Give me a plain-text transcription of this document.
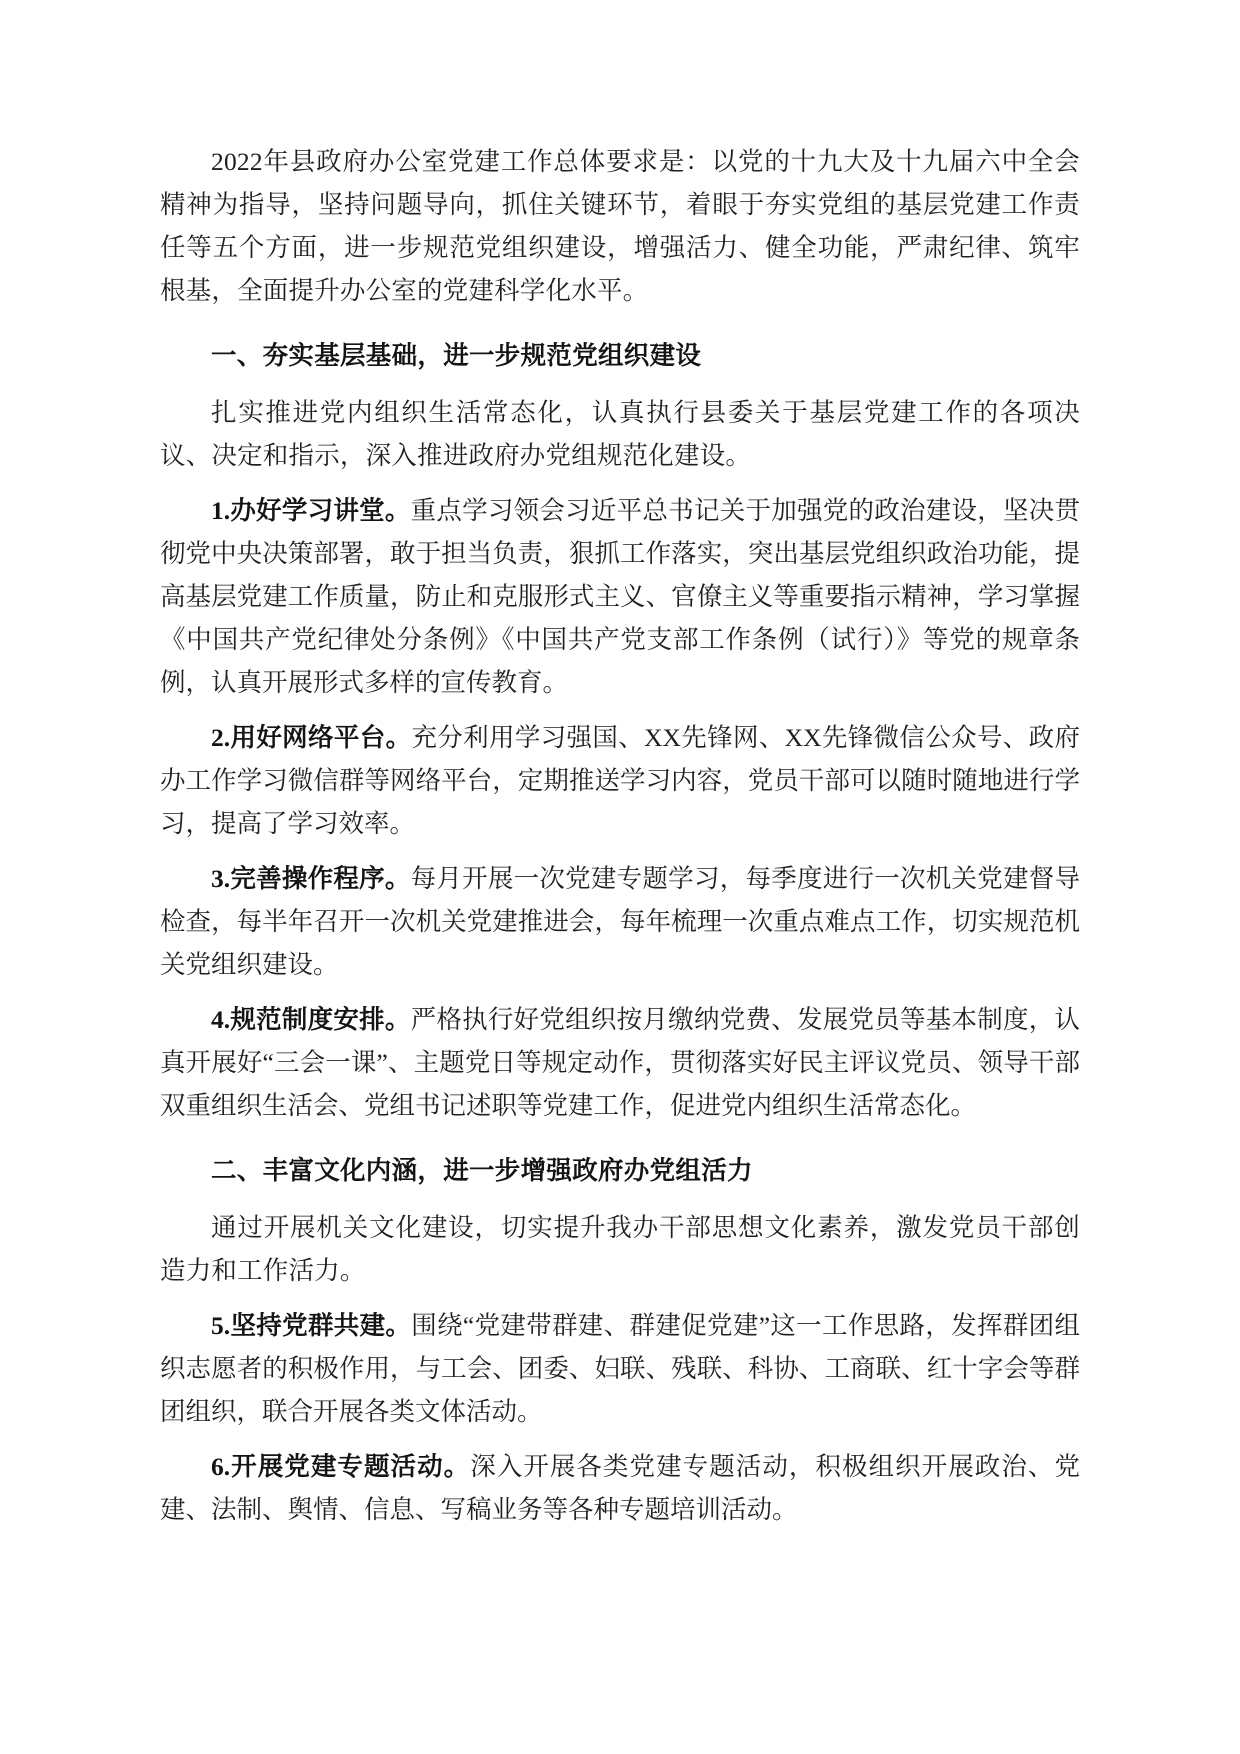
2022年县政府办公室党建工作总体要求是：以党的十九大及十九届六中全会精神为指导，坚持问题导向，抓住关键环节，着眼于夯实党组的基层党建工作责任等五个方面，进一步规范党组织建设，增强活力、健全功能，严肃纪律、筑牢根基，全面提升办公室的党建科学化水平。

一、夯实基层基础，进一步规范党组织建设

扎实推进党内组织生活常态化，认真执行县委关于基层党建工作的各项决议、决定和指示，深入推进政府办党组规范化建设。

1.办好学习讲堂。重点学习领会习近平总书记关于加强党的政治建设，坚决贯彻党中央决策部署，敢于担当负责，狠抓工作落实，突出基层党组织政治功能，提高基层党建工作质量，防止和克服形式主义、官僚主义等重要指示精神，学习掌握《中国共产党纪律处分条例》《中国共产党支部工作条例（试行）》等党的规章条例，认真开展形式多样的宣传教育。

2.用好网络平台。充分利用学习强国、XX先锋网、XX先锋微信公众号、政府办工作学习微信群等网络平台，定期推送学习内容，党员干部可以随时随地进行学习，提高了学习效率。

3.完善操作程序。每月开展一次党建专题学习，每季度进行一次机关党建督导检查，每半年召开一次机关党建推进会，每年梳理一次重点难点工作，切实规范机关党组织建设。

4.规范制度安排。严格执行好党组织按月缴纳党费、发展党员等基本制度，认真开展好“三会一课”、主题党日等规定动作，贯彻落实好民主评议党员、领导干部双重组织生活会、党组书记述职等党建工作，促进党内组织生活常态化。

二、丰富文化内涵，进一步增强政府办党组活力

通过开展机关文化建设，切实提升我办干部思想文化素养，激发党员干部创造力和工作活力。

5.坚持党群共建。围绕“党建带群建、群建促党建”这一工作思路，发挥群团组织志愿者的积极作用，与工会、团委、妇联、残联、科协、工商联、红十字会等群团组织，联合开展各类文体活动。

6.开展党建专题活动。深入开展各类党建专题活动，积极组织开展政治、党建、法制、舆情、信息、写稿业务等各种专题培训活动。
